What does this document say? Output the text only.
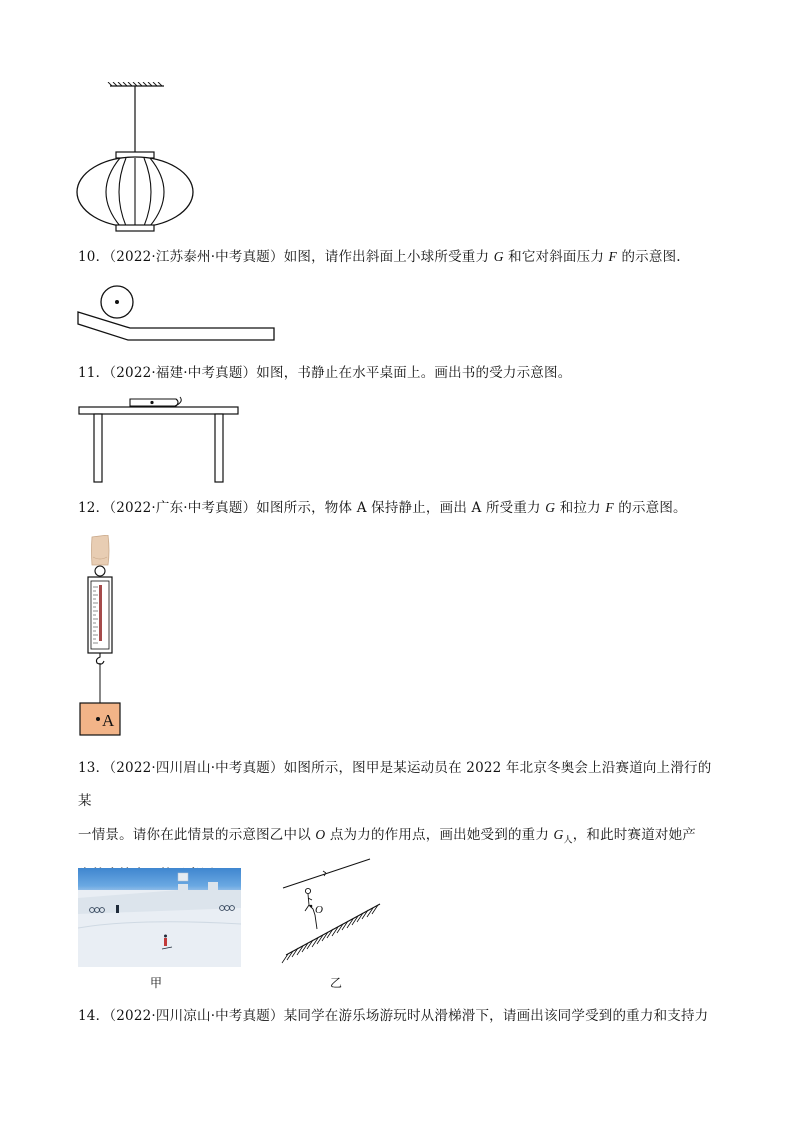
10．（2022·江苏泰州·中考真题）如图，请作出斜面上小球所受重力 G 和它对斜面压力 F 的示意图.
11．（2022·福建·中考真题）如图，书静止在水平桌面上。画出书的受力示意图。
12．（2022·广东·中考真题）如图所示，物体 A 保持静止，画出 A 所受重力 G 和拉力 F 的示意图。
A
13．（2022·四川眉山·中考真题）如图所示，图甲是某运动员在 2022 年北京冬奥会上沿赛道向上滑行的某
一情景。请你在此情景的示意图乙中以 O 点为力的作用点，画出她受到的重力 $G_人$，和此时赛道对她产
甲
O
乙
14．（2022·四川凉山·中考真题）某同学在游乐场游玩时从滑梯滑下，请画出该同学受到的重力和支持力
